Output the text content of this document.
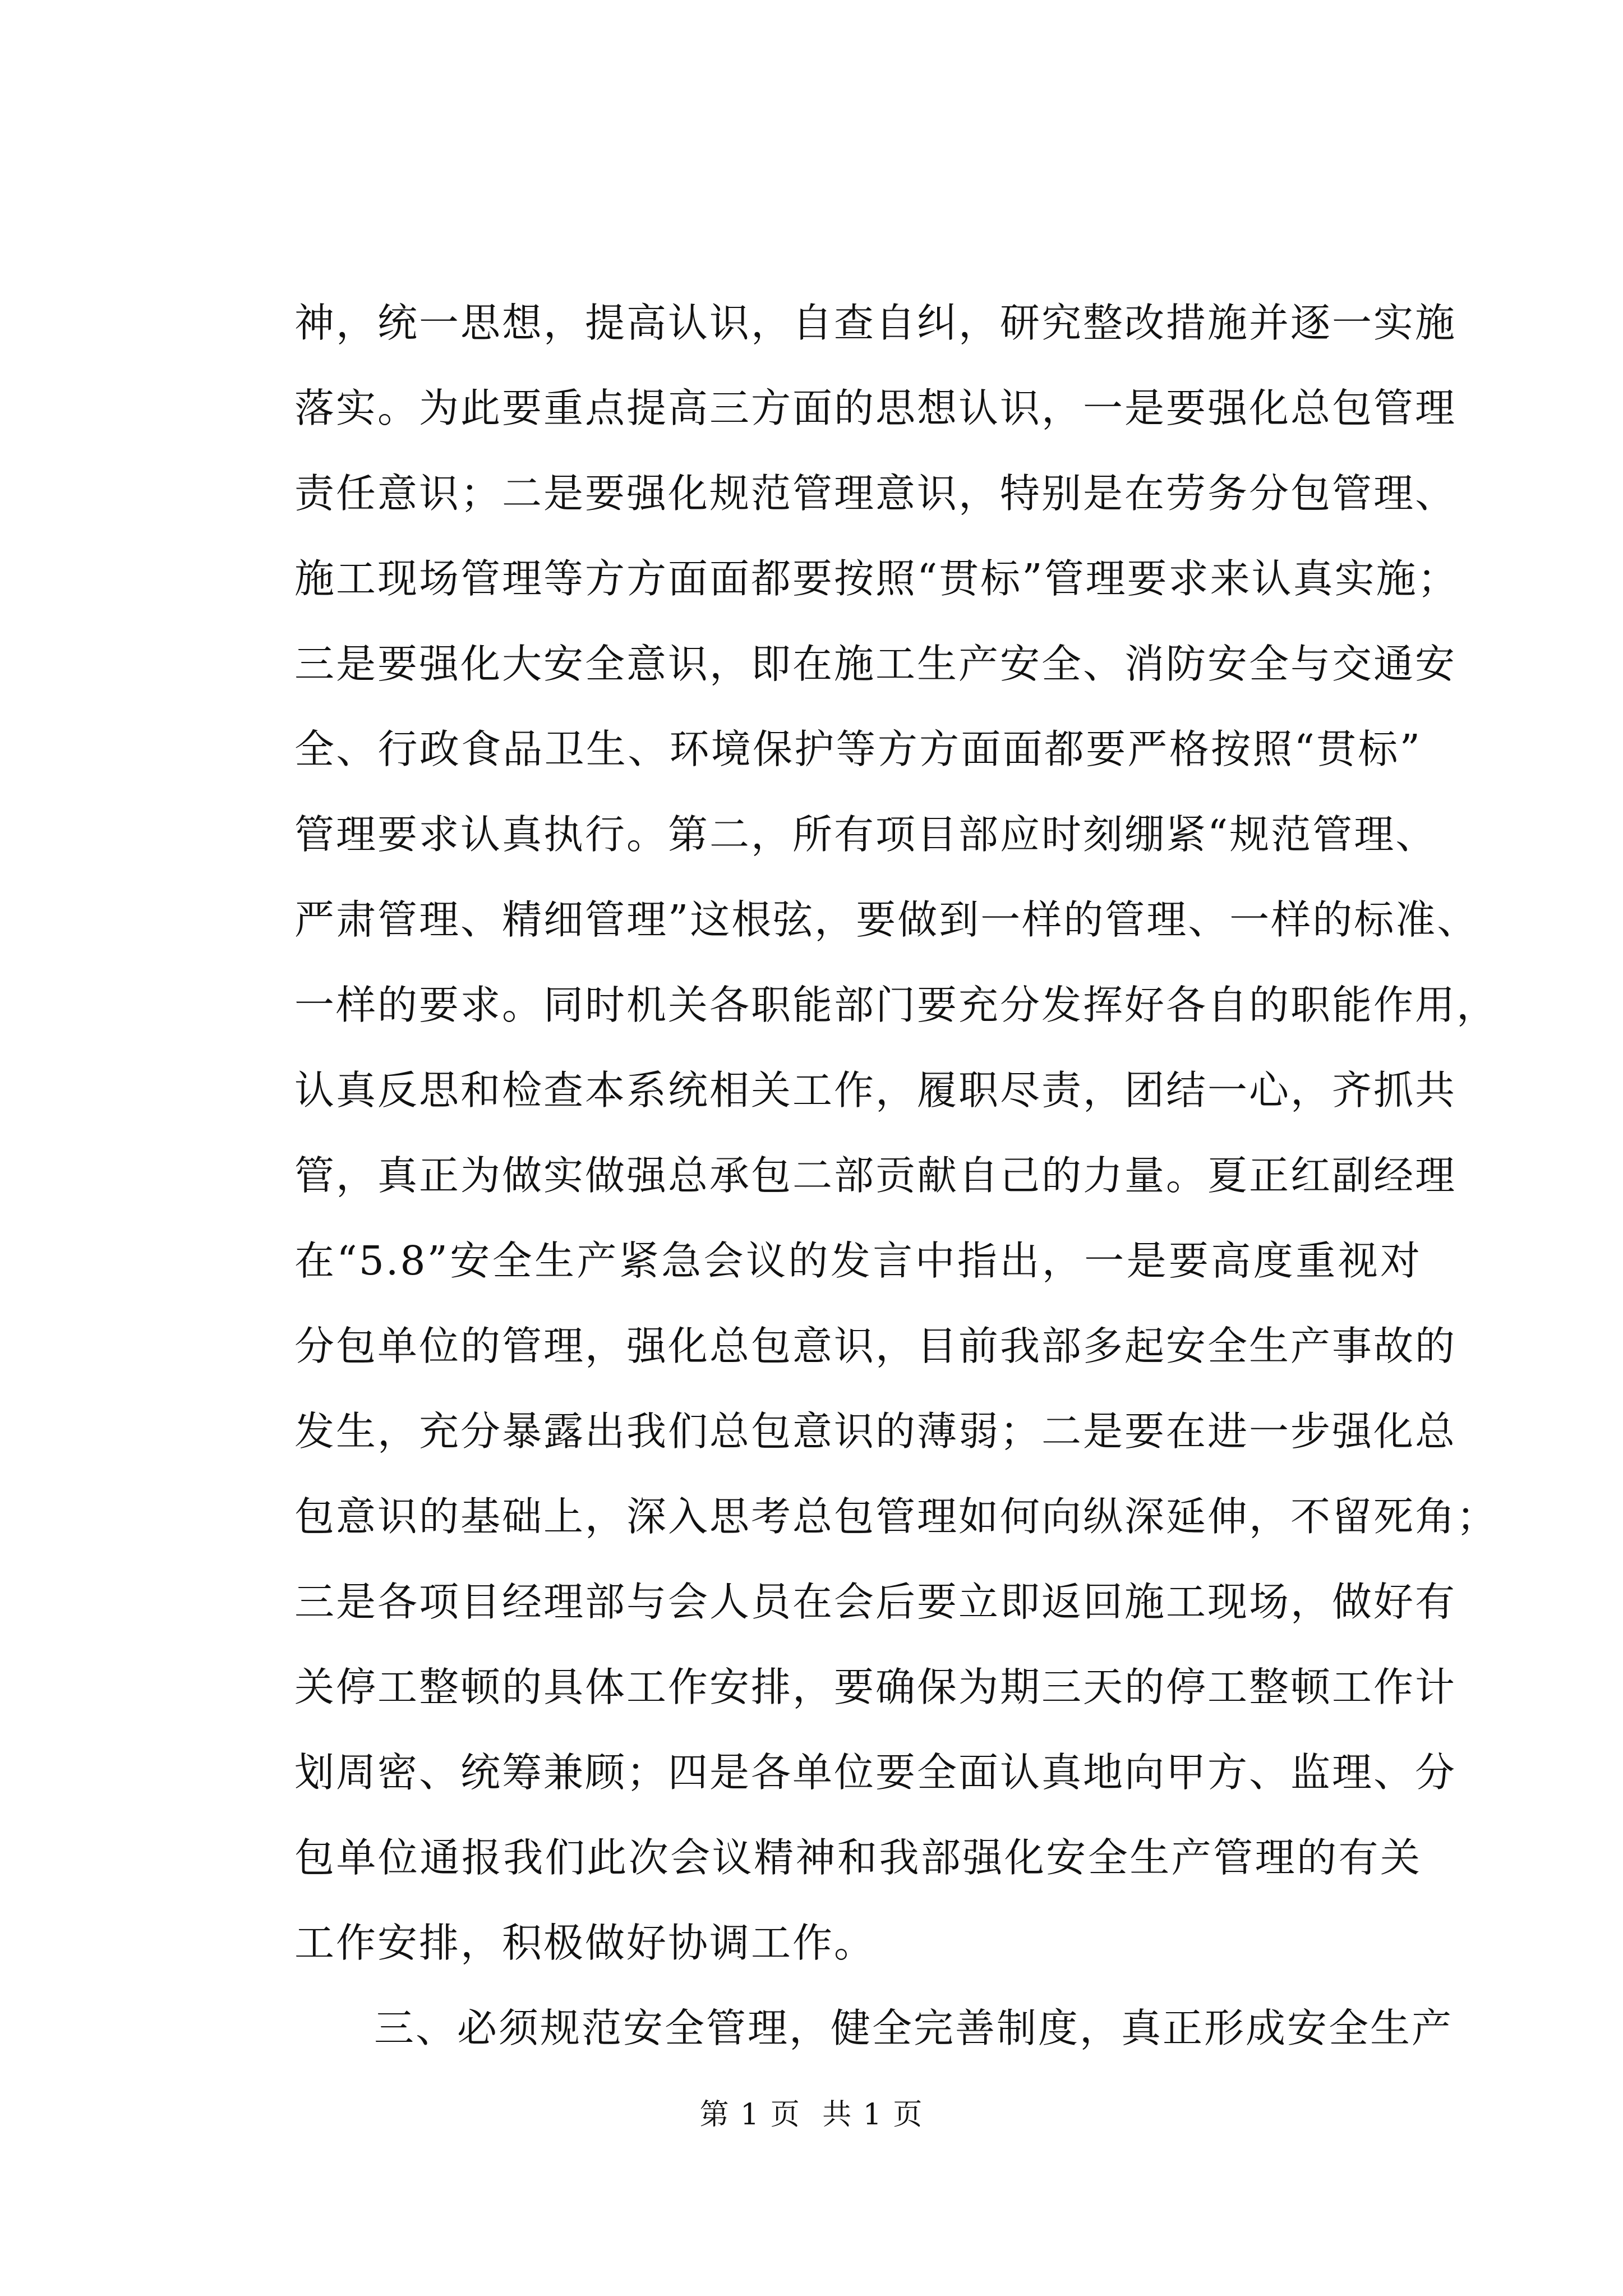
神，统一思想，提高认识，自查自纠，研究整改措施并逐一实施
落实。为此要重点提高三方面的思想认识，一是要强化总包管理
责任意识；二是要强化规范管理意识，特别是在劳务分包管理、
施工现场管理等方方面面都要按照“贯标”管理要求来认真实施；
三是要强化大安全意识，即在施工生产安全、消防安全与交通安
全、行政食品卫生、环境保护等方方面面都要严格按照“贯标”
管理要求认真执行。第二，所有项目部应时刻绷紧“规范管理、
严肃管理、精细管理”这根弦，要做到一样的管理、一样的标准、
一样的要求。同时机关各职能部门要充分发挥好各自的职能作用，
认真反思和检查本系统相关工作，履职尽责，团结一心，齐抓共
管，真正为做实做强总承包二部贡献自己的力量。夏正红副经理
在“5.8”安全生产紧急会议的发言中指出，一是要高度重视对
分包单位的管理，强化总包意识，目前我部多起安全生产事故的
发生，充分暴露出我们总包意识的薄弱；二是要在进一步强化总
包意识的基础上，深入思考总包管理如何向纵深延伸，不留死角；
三是各项目经理部与会人员在会后要立即返回施工现场，做好有
关停工整顿的具体工作安排，要确保为期三天的停工整顿工作计
划周密、统筹兼顾；四是各单位要全面认真地向甲方、监理、分
包单位通报我们此次会议精神和我部强化安全生产管理的有关
工作安排，积极做好协调工作。
三、必须规范安全管理，健全完善制度，真正形成安全生产
第 1 页 共 1 页
